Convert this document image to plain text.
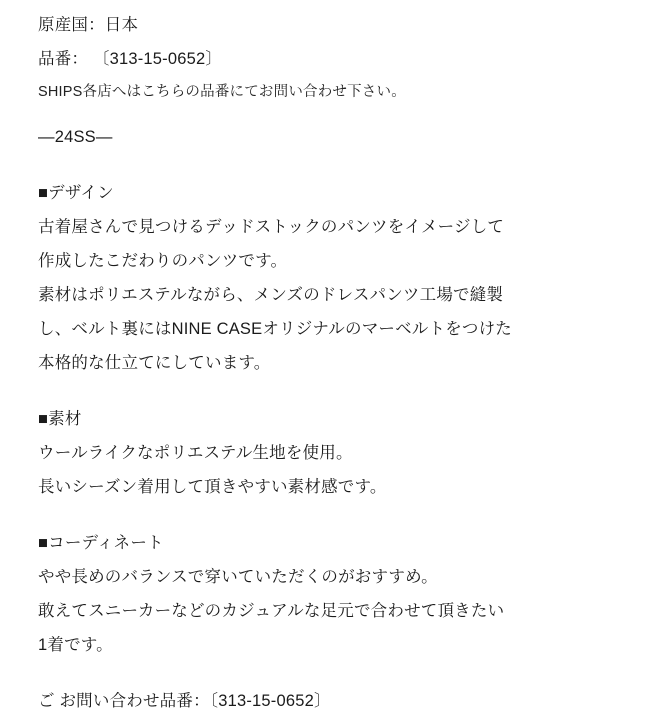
原産国：日本
品番： 〔313-15-0652〕
SHIPS各店へはこちらの品番にてお問い合わせ下さい。
―24SS―
■デザイン
古着屋さんで見つけるデッドストックのパンツをイメージして
作成したこだわりのパンツです。
素材はポリエステルながら、メンズのドレスパンツ工場で縫製
し、ベルト裏にはNINE CASEオリジナルのマーベルトをつけた
本格的な仕立てにしています。
■素材
ウールライクなポリエステル生地を使用。
長いシーズン着用して頂きやすい素材感です。
■コーディネート
やや長めのバランスで穿いていただくのがおすすめ。
敢えてスニーカーなどのカジュアルな足元で合わせて頂きたい
1着です。
ご お問い合わせ品番：〔313-15-0652〕
